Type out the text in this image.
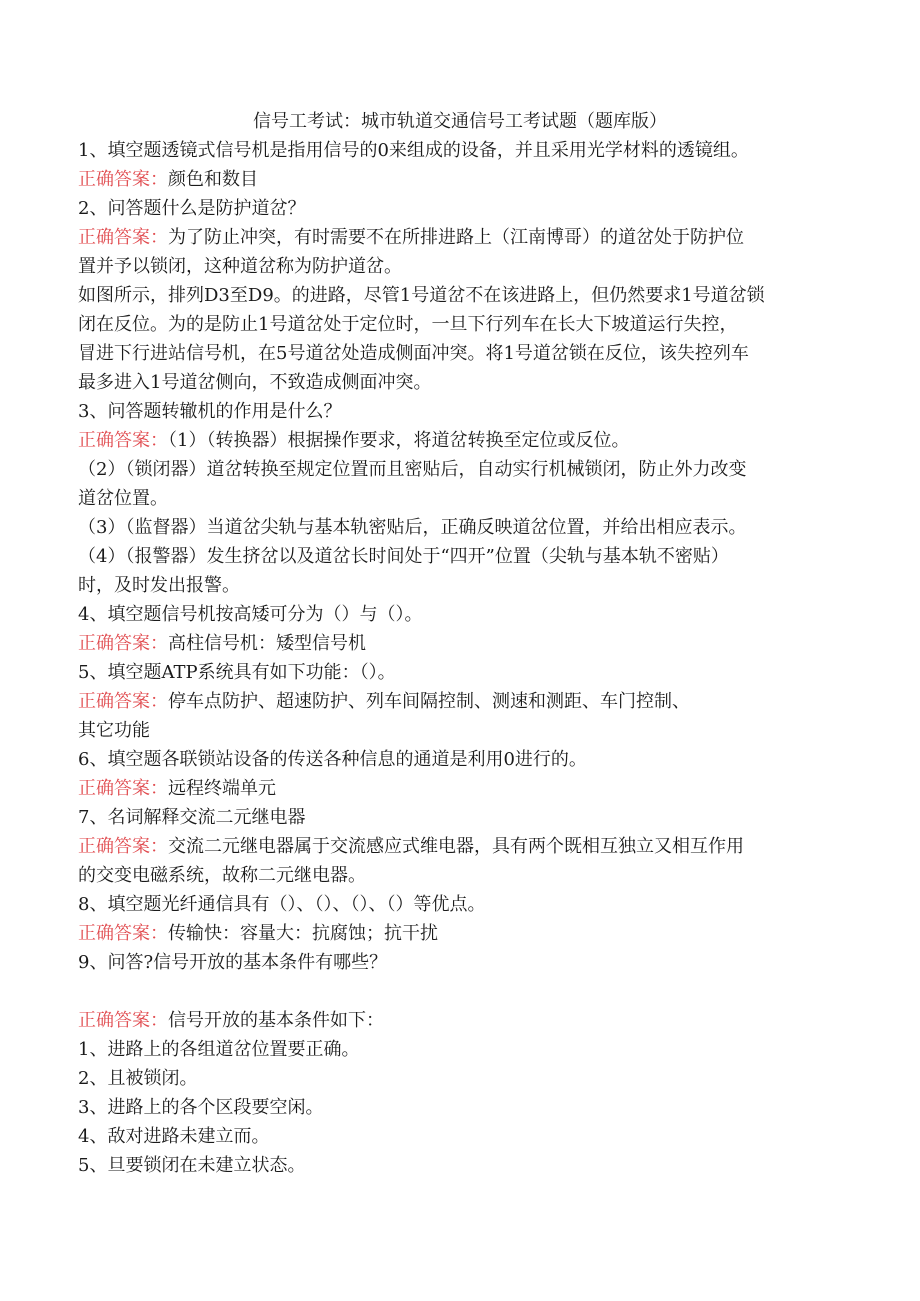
信号工考试：城市轨道交通信号工考试题（题库版）
1、填空题透镜式信号机是指用信号的0来组成的设备，并且采用光学材料的透镜组。
正确答案：颜色和数目
2、问答题什么是防护道岔？
正确答案：为了防止冲突，有时需要不在所排进路上（江南博哥）的道岔处于防护位
置并予以锁闭，这种道岔称为防护道岔。
如图所示，排列D3至D9。的进路，尽管1号道岔不在该进路上，但仍然要求1号道岔锁
闭在反位。为的是防止1号道岔处于定位时，一旦下行列车在长大下坡道运行失控，
冒进下行进站信号机，在5号道岔处造成侧面冲突。将1号道岔锁在反位，该失控列车
最多进入1号道岔侧向，不致造成侧面冲突。
3、问答题转辙机的作用是什么？
正确答案：（1）（转换器）根据操作要求，将道岔转换至定位或反位。
（2）（锁闭器）道岔转换至规定位置而且密贴后，自动实行机械锁闭，防止外力改变
道岔位置。
（3）（监督器）当道岔尖轨与基本轨密贴后，正确反映道岔位置，并给出相应表示。
（4）（报警器）发生挤岔以及道岔长时间处于“四开”位置（尖轨与基本轨不密贴）
时，及时发出报警。
4、填空题信号机按高矮可分为（）与（）。
正确答案：高柱信号机：矮型信号机
5、填空题ATP系统具有如下功能：（）。
正确答案：停车点防护、超速防护、列车间隔控制、测速和测距、车门控制、
其它功能
6、填空题各联锁站设备的传送各种信息的通道是利用0进行的。
正确答案：远程终端单元
7、名词解释交流二元继电器
正确答案：交流二元继电器属于交流感应式维电器，具有两个既相互独立又相互作用
的交变电磁系统，故称二元继电器。
8、填空题光纤通信具有（）、（）、（）、（）等优点。
正确答案：传输快：容量大：抗腐蚀；抗干扰
9、问答?信号开放的基本条件有哪些？
正确答案：信号开放的基本条件如下：
1、进路上的各组道岔位置要正确。
2、且被锁闭。
3、进路上的各个区段要空闲。
4、敌对进路未建立而。
5、旦要锁闭在未建立状态。
